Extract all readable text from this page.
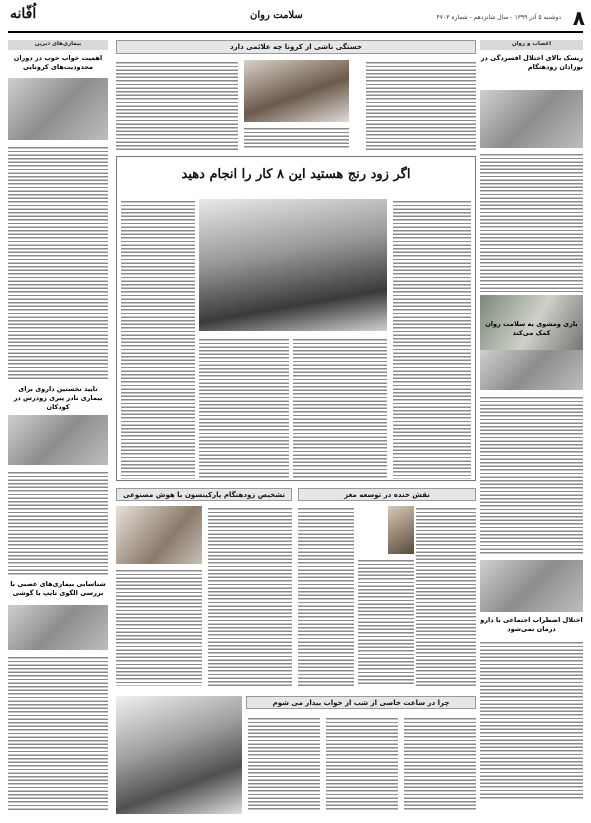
۸
دوشنبه ۵ آذر ۱۳۹۹ - سال شانزدهم - شماره ۴۷۰۳
سلامت روان
اُفّانه
اعصاب و روان
ریسک بالای اختلال افسردگی در نوزادان زودهنگام
بازی ومشوی به سلامت روان کمک می‌کند
اختلال اضطراب اجتماعی با دارو درمان نمی‌شود
بیماری‌های دیرین
اهمیت خواب خوب در دوران محدودیت‌های کرونایی
تایید نخستین داروی برای بیماری نادر پیری زودرس در کودکان
شناسایی بیماری‌های عصبی با بررسی الگوی تایپ با گوشی
خستگی ناشی از کرونا چه علائمی دارد
اگر زود رنج هستید این ۸ کار را انجام دهید
نقش خنده در توسعه مغز
تشخیص زودهنگام پارکینسون با هوش مصنوعی
چرا در ساعت خاصی از شب از خواب بیدار می شوم
